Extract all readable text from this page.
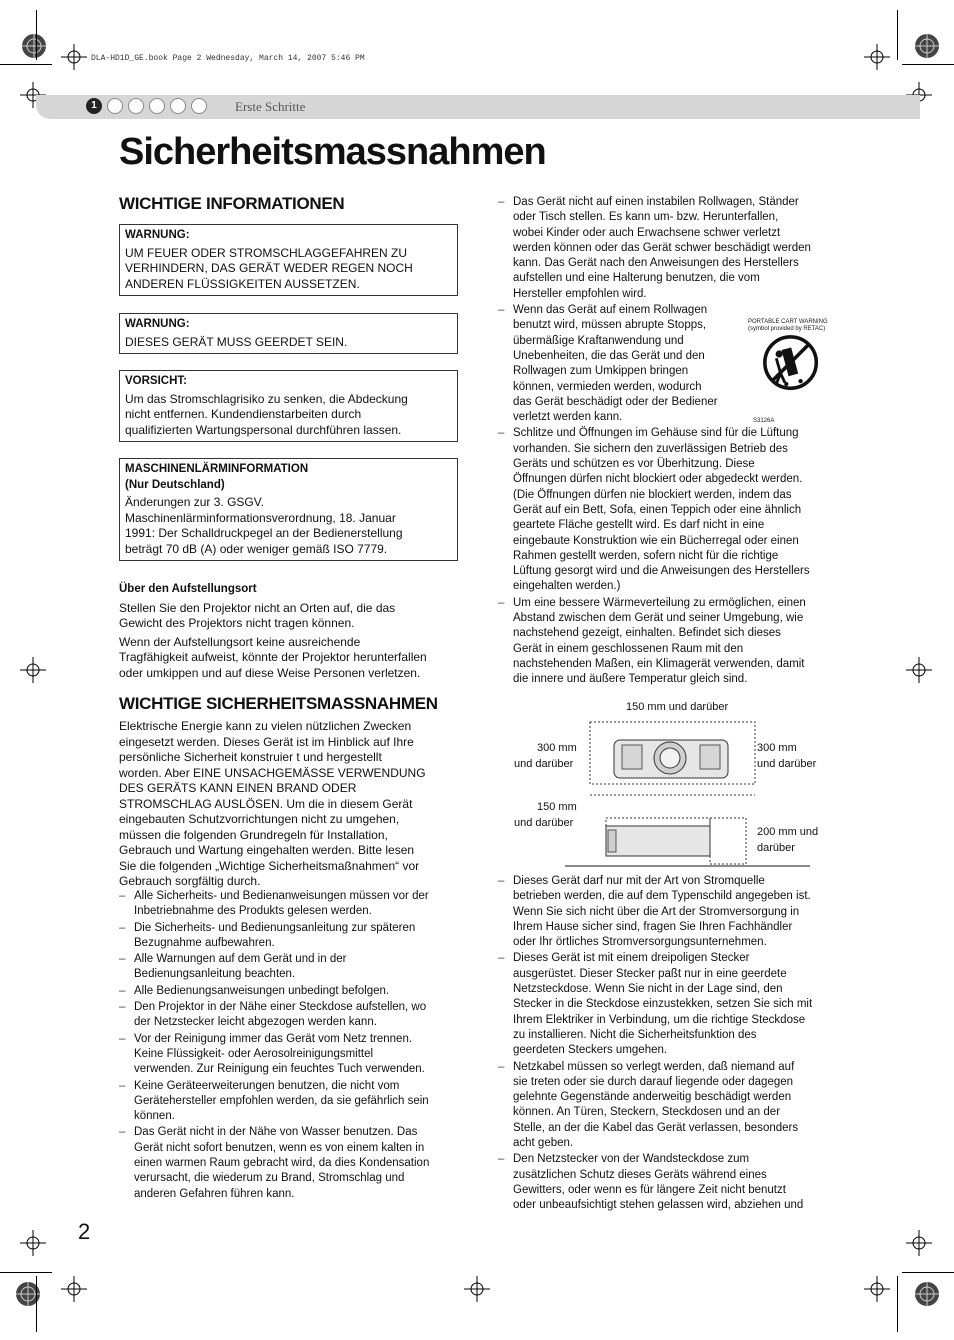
DLA-HD1D_GE.book Page 2 Wednesday, March 14, 2007 5:46 PM
1	Erste Schritte
Sicherheitsmassnahmen
WICHTIGE INFORMATIONEN
WARNUNG:
UM FEUER ODER STROMSCHLAGGEFAHREN ZU
VERHINDERN, DAS GERÄT WEDER REGEN NOCH
ANDEREN FLÜSSIGKEITEN AUSSETZEN.
WARNUNG:
DIESES GERÄT MUSS GEERDET SEIN.
VORSICHT:
Um das Stromschlagrisiko zu senken, die Abdeckung
nicht entfernen. Kundendienstarbeiten durch
qualifizierten Wartungspersonal durchführen lassen.
MASCHINENLÄRMINFORMATION
(Nur Deutschland)
Änderungen zur 3. GSGV.
Maschinenlärminformationsverordnung, 18. Januar
1991: Der Schalldruckpegel an der Bedienerstellung
beträgt 70 dB (A) oder weniger gemäß ISO 7779.

Über den Aufstellungsort

Stellen Sie den Projektor nicht an Orten auf, die das
Gewicht des Projektors nicht tragen können.
Wenn der Aufstellungsort keine ausreichende
Tragfähigkeit aufweist, könnte der Projektor herunterfallen
oder umkippen und auf diese Weise Personen verletzen.
WICHTIGE SICHERHEITSMASSNAHMEN
Elektrische Energie kann zu vielen nützlichen Zwecken
eingesetzt werden. Dieses Gerät ist im Hinblick auf Ihre
persönliche Sicherheit konstruier t und hergestellt
worden. Aber EINE UNSACHGEMÄSSE VERWENDUNG
DES GERÄTS KANN EINEN BRAND ODER
STROMSCHLAG AUSLÖSEN. Um die in diesem Gerät
eingebauten Schutzvorrichtungen nicht zu umgehen,
müssen die folgenden Grundregeln für Installation,
Gebrauch und Wartung eingehalten werden. Bitte lesen
Sie die folgenden „Wichtige Sicherheitsmaßnahmen“ vor
Gebrauch sorgfältig durch.
– Alle Sicherheits- und Bedienanweisungen müssen vor der
Inbetriebnahme des Produkts gelesen werden.
– Die Sicherheits- und Bedienungsanleitung zur späteren
Bezugnahme aufbewahren.
– Alle Warnungen auf dem Gerät und in der
Bedienungsanleitung beachten.
– Alle Bedienungsanweisungen unbedingt befolgen.
– Den Projektor in der Nähe einer Steckdose aufstellen, wo
der Netzstecker leicht abgezogen werden kann.
– Vor der Reinigung immer das Gerät vom Netz trennen.
Keine Flüssigkeit- oder Aerosolreinigungsmittel
verwenden. Zur Reinigung ein feuchtes Tuch verwenden.
– Keine Geräteerweiterungen benutzen, die nicht vom
Gerätehersteller empfohlen werden, da sie gefährlich sein
können.
– Das Gerät nicht in der Nähe von Wasser benutzen. Das
Gerät nicht sofort benutzen, wenn es von einem kalten in
einen warmen Raum gebracht wird, da dies Kondensation
verursacht, die wiederum zu Brand, Stromschlag und
anderen Gefahren führen kann.
– Das Gerät nicht auf einen instabilen Rollwagen, Ständer
oder Tisch stellen. Es kann um- bzw. Herunterfallen,
wobei Kinder oder auch Erwachsene schwer verletzt
werden können oder das Gerät schwer beschädigt werden
kann. Das Gerät nach den Anweisungen des Herstellers
aufstellen und eine Halterung benutzen, die vom
Hersteller empfohlen wird.
– Wenn das Gerät auf einem Rollwagen
benutzt wird, müssen abrupte Stopps,
übermäßige Kraftanwendung und
Unebenheiten, die das Gerät und den
Rollwagen zum Umkippen bringen
können, vermieden werden, wodurch
das Gerät beschädigt oder der Bediener
verletzt werden kann.
– Schlitze und Öffnungen im Gehäuse sind für die Lüftung
vorhanden. Sie sichern den zuverlässigen Betrieb des
Geräts und schützen es vor Überhitzung. Diese
Öffnungen dürfen nicht blockiert oder abgedeckt werden.
(Die Öffnungen dürfen nie blockiert werden, indem das
Gerät auf ein Bett, Sofa, einen Teppich oder eine ähnlich
geartete Fläche gestellt wird. Es darf nicht in eine
eingebaute Konstruktion wie ein Bücherregal oder einen
Rahmen gestellt werden, sofern nicht für die richtige
Lüftung gesorgt wird und die Anweisungen des Herstellers
eingehalten werden.)
– Um eine bessere Wärmeverteilung zu ermöglichen, einen
Abstand zwischen dem Gerät und seiner Umgebung, wie
nachstehend gezeigt, einhalten. Befindet sich dieses
Gerät in einem geschlossenen Raum mit den
nachstehenden Maßen, ein Klimagerät verwenden, damit
die innere und äußere Temperatur gleich sind.
PORTABLE CART WARNING
(symbol provided by RETAC)
S3126A
150 mm und darüber
300 mm
und darüber
300 mm
und darüber
150 mm
und darüber
200 mm und
darüber
– Dieses Gerät darf nur mit der Art von Stromquelle
betrieben werden, die auf dem Typenschild angegeben ist.
Wenn Sie sich nicht über die Art der Stromversorgung in
Ihrem Hause sicher sind, fragen Sie Ihren Fachhändler
oder Ihr örtliches Stromversorgungsunternehmen.
– Dieses Gerät ist mit einem dreipoligen Stecker
ausgerüstet. Dieser Stecker paßt nur in eine geerdete
Netzsteckdose. Wenn Sie nicht in der Lage sind, den
Stecker in die Steckdose einzustekken, setzen Sie sich mit
Ihrem Elektriker in Verbindung, um die richtige Steckdose
zu installieren. Nicht die Sicherheitsfunktion des
geerdeten Steckers umgehen.
– Netzkabel müssen so verlegt werden, daß niemand auf
sie treten oder sie durch darauf liegende oder dagegen
gelehnte Gegenstände anderweitig beschädigt werden
können. An Türen, Steckern, Steckdosen und an der
Stelle, an der die Kabel das Gerät verlassen, besonders
acht geben.
– Den Netzstecker von der Wandsteckdose zum
zusätzlichen Schutz dieses Geräts während eines
Gewitters, oder wenn es für längere Zeit nicht benutzt
oder unbeaufsichtigt stehen gelassen wird, abziehen und
2
